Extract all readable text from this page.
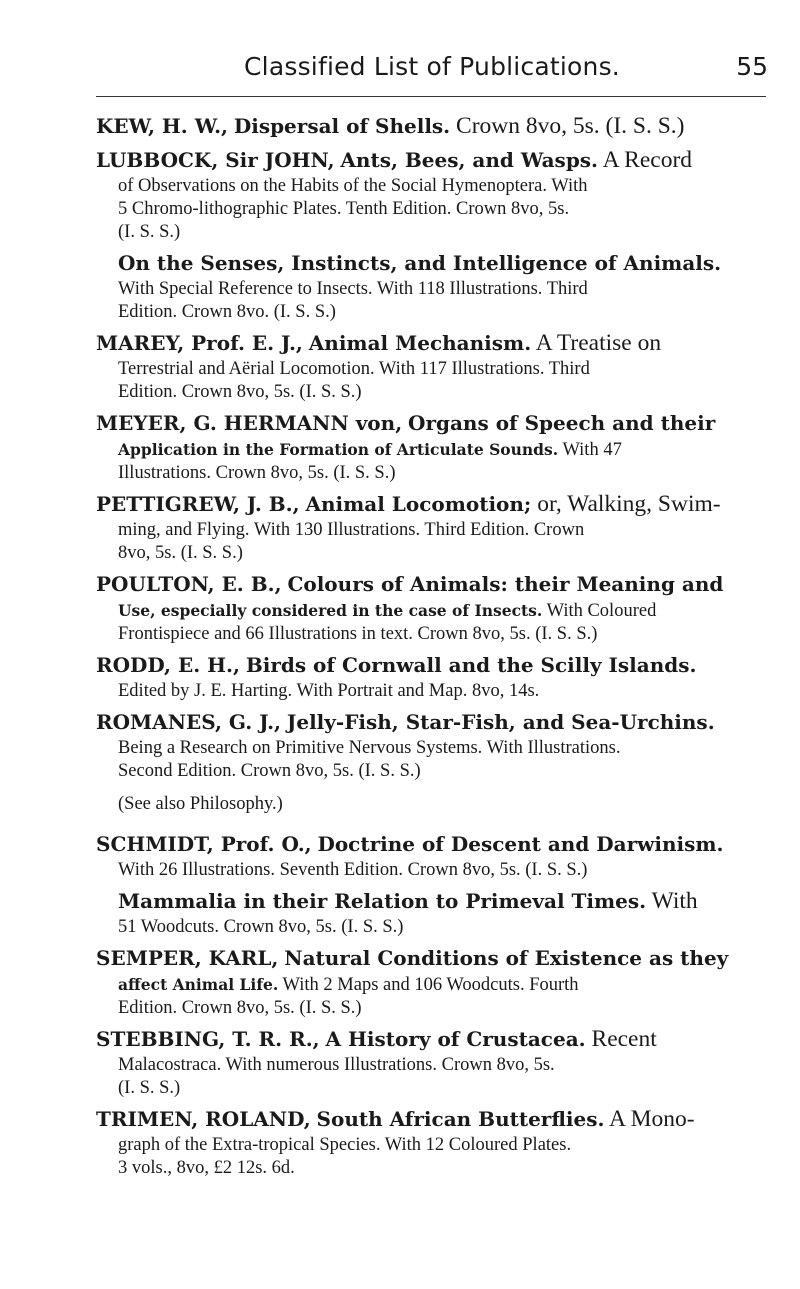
Classified List of Publications.	55

KEW, H. W., Dispersal of Shells. Crown 8vo, 5s. (I. S. S.)

LUBBOCK, Sir JOHN, Ants, Bees, and Wasps. A Record

of Observations on the Habits of the Social Hymenoptera. With

5 Chromo-lithographic Plates. Tenth Edition. Crown 8vo, 5s.

(I. S. S.)

On the Senses, Instincts, and Intelligence of Animals.

With Special Reference to Insects. With 118 Illustrations. Third

Edition. Crown 8vo. (I. S. S.)

MAREY, Prof. E. J., Animal Mechanism. A Treatise on

Terrestrial and Aërial Locomotion. With 117 Illustrations. Third

Edition. Crown 8vo, 5s. (I. S. S.)

MEYER, G. HERMANN von, Organs of Speech and their

Application in the Formation of Articulate Sounds. With 47

Illustrations. Crown 8vo, 5s. (I. S. S.)

PETTIGREW, J. B., Animal Locomotion; or, Walking, Swim-

ming, and Flying. With 130 Illustrations. Third Edition. Crown

8vo, 5s. (I. S. S.)

POULTON, E. B., Colours of Animals: their Meaning and

Use, especially considered in the case of Insects. With Coloured

Frontispiece and 66 Illustrations in text. Crown 8vo, 5s. (I. S. S.)

RODD, E. H., Birds of Cornwall and the Scilly Islands.

Edited by J. E. Harting. With Portrait and Map. 8vo, 14s.

ROMANES, G. J., Jelly-Fish, Star-Fish, and Sea-Urchins.

Being a Research on Primitive Nervous Systems. With Illustrations.

Second Edition. Crown 8vo, 5s. (I. S. S.)

(See also Philosophy.)

SCHMIDT, Prof. O., Doctrine of Descent and Darwinism.

With 26 Illustrations. Seventh Edition. Crown 8vo, 5s. (I. S. S.)

Mammalia in their Relation to Primeval Times. With

51 Woodcuts. Crown 8vo, 5s. (I. S. S.)

SEMPER, KARL, Natural Conditions of Existence as they

affect Animal Life. With 2 Maps and 106 Woodcuts. Fourth

Edition. Crown 8vo, 5s. (I. S. S.)

STEBBING, T. R. R., A History of Crustacea. Recent

Malacostraca. With numerous Illustrations. Crown 8vo, 5s.

(I. S. S.)

TRIMEN, ROLAND, South African Butterflies. A Mono-

graph of the Extra-tropical Species. With 12 Coloured Plates.

3 vols., 8vo, £2 12s. 6d.
